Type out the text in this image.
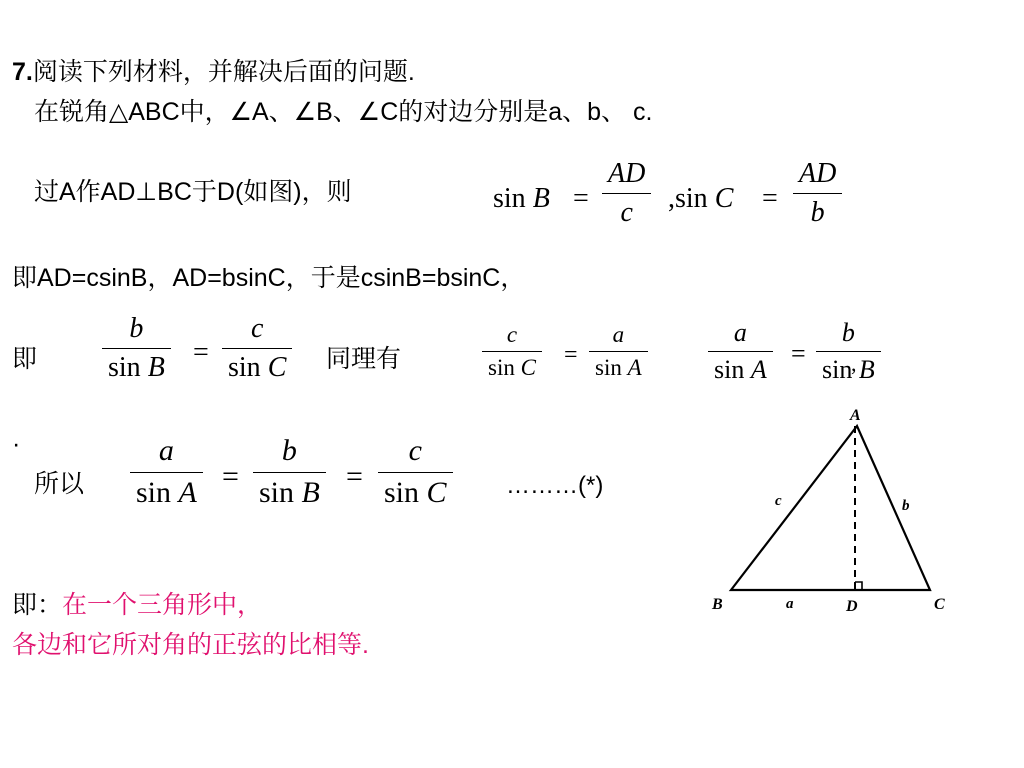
7.阅读下列材料，并解决后面的问题.
在锐角△ABC中，∠A、∠B、∠C的对边分别是a、b、 c.
过A作AD⊥BC于D(如图)，则	sin B =
AD
c ,sin C =
AD
b
即AD=csinB，AD=bsinC，于是csinB=bsinC，
即
b
sin B =
c
sin C 同理有
c
sin C =
a
sin A
a
sin A
=
b
sin B
,
·
所以
a
sin A =
b
sin B =
c
sin C ………(*)
即：在一个三角形中，
各边和它所对角的正弦的比相等.
A
B	C
D
a
b
c
